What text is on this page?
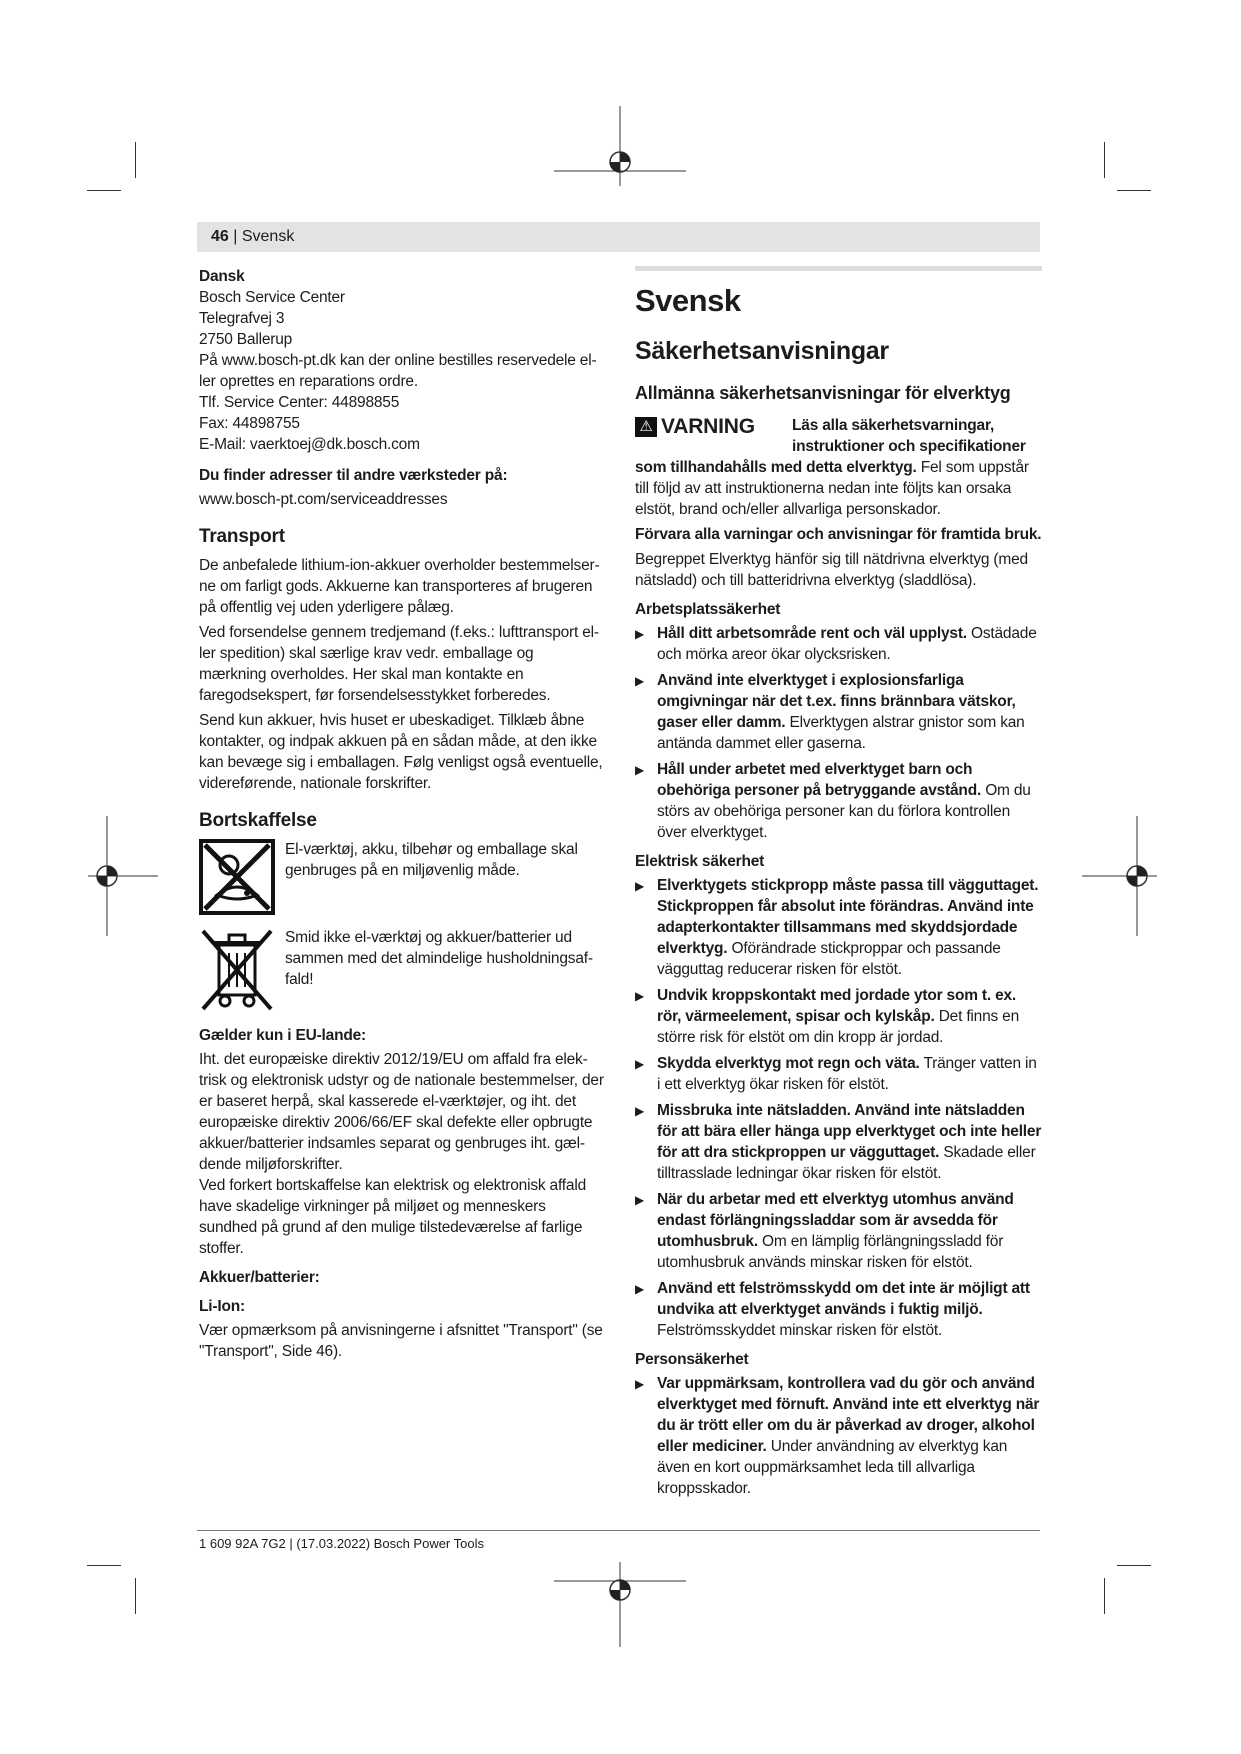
46 | Svensk

Dansk

Bosch Service Center

Telegrafvej 3

2750 Ballerup

På www.bosch-pt.dk kan der online bestilles reservedele el-ler oprettes en reparations ordre.

Tlf. Service Center: 44898855

Fax: 44898755

E-Mail: vaerktoej@dk.bosch.com

Du finder adresser til andre værksteder på:

www.bosch-pt.com/serviceaddresses

Transport

De anbefalede lithium-ion-akkuer overholder bestemmelser-ne om farligt gods. Akkuerne kan transporteres af brugeren på offentlig vej uden yderligere pålæg.

Ved forsendelse gennem tredjemand (f.eks.: lufttransport el-ler spedition) skal særlige krav vedr. emballage og mærkning overholdes. Her skal man kontakte en faregodsekspert, før forsendelsesstykket forberedes.

Send kun akkuer, hvis huset er ubeskadiget. Tilklæb åbne kontakter, og indpak akkuen på en sådan måde, at den ikke kan bevæge sig i emballagen. Følg venligst også eventuelle, videreførende, nationale forskrifter.

Bortskaffelse
El-værktøj, akku, tilbehør og emballage skal genbruges på en miljøvenlig måde.
Smid ikke el-værktøj og akkuer/batterier ud sammen med det almindelige husholdningsaf-fald!

Gælder kun i EU-lande:

Iht. det europæiske direktiv 2012/19/EU om affald fra elek-trisk og elektronisk udstyr og de nationale bestemmelser, der er baseret herpå, skal kasserede el-værktøjer, og iht. det europæiske direktiv 2006/66/EF skal defekte eller opbrugte akkuer/batterier indsamles separat og genbruges iht. gæl-dende miljøforskrifter.

Ved forkert bortskaffelse kan elektrisk og elektronisk affald have skadelige virkninger på miljøet og menneskers sundhed på grund af den mulige tilstedeværelse af farlige stoffer.

Akkuer/batterier:

Li-Ion:

Vær opmærksom på anvisningerne i afsnittet "Transport" (se "Transport", Side 46).

Svensk
Säkerhetsanvisningar
Allmänna säkerhetsanvisningar för elverktyg
⚠ VARNING Läs alla säkerhetsvarningar, instruktioner och specifikationer

som tillhandahålls med detta elverktyg. Fel som uppstår till följd av att instruktionerna nedan inte följts kan orsaka elstöt, brand och/eller allvarliga personskador.

Förvara alla varningar och anvisningar för framtida bruk.

Begreppet Elverktyg hänför sig till nätdrivna elverktyg (med nätsladd) och till batteridrivna elverktyg (sladdlösa).

Arbetsplatssäkerhet

▶ Håll ditt arbetsområde rent och väl upplyst. Ostädade och mörka areor ökar olycksrisken.
▶ Använd inte elverktyget i explosionsfarliga omgivningar när det t.ex. finns brännbara vätskor, gaser eller damm. Elverktygen alstrar gnistor som kan antända dammet eller gaserna.
▶ Håll under arbetet med elverktyget barn och obehöriga personer på betryggande avstånd. Om du störs av obehöriga personer kan du förlora kontrollen över elverktyget.

Elektrisk säkerhet

▶ Elverktygets stickpropp måste passa till vägguttaget. Stickproppen får absolut inte förändras. Använd inte adapterkontakter tillsammans med skyddsjordade elverktyg. Oförändrade stickproppar och passande vägguttag reducerar risken för elstöt.
▶ Undvik kroppskontakt med jordade ytor som t. ex. rör, värmeelement, spisar och kylskåp. Det finns en större risk för elstöt om din kropp är jordad.
▶ Skydda elverktyg mot regn och väta. Tränger vatten in i ett elverktyg ökar risken för elstöt.
▶ Missbruka inte nätsladden. Använd inte nätsladden för att bära eller hänga upp elverktyget och inte heller för att dra stickproppen ur vägguttaget. Skadade eller tilltrasslade ledningar ökar risken för elstöt.
▶ När du arbetar med ett elverktyg utomhus använd endast förlängningssladdar som är avsedda för utomhusbruk. Om en lämplig förlängningssladd för utomhusbruk används minskar risken för elstöt.
▶ Använd ett felströmsskydd om det inte är möjligt att undvika att elverktyget används i fuktig miljö. Felströmsskyddet minskar risken för elstöt.

Personsäkerhet

▶ Var uppmärksam, kontrollera vad du gör och använd elverktyget med förnuft. Använd inte ett elverktyg när du är trött eller om du är påverkad av droger, alkohol eller mediciner. Under användning av elverktyg kan även en kort ouppmärksamhet leda till allvarliga kroppsskador.
1 609 92A 7G2 | (17.03.2022) Bosch Power Tools
